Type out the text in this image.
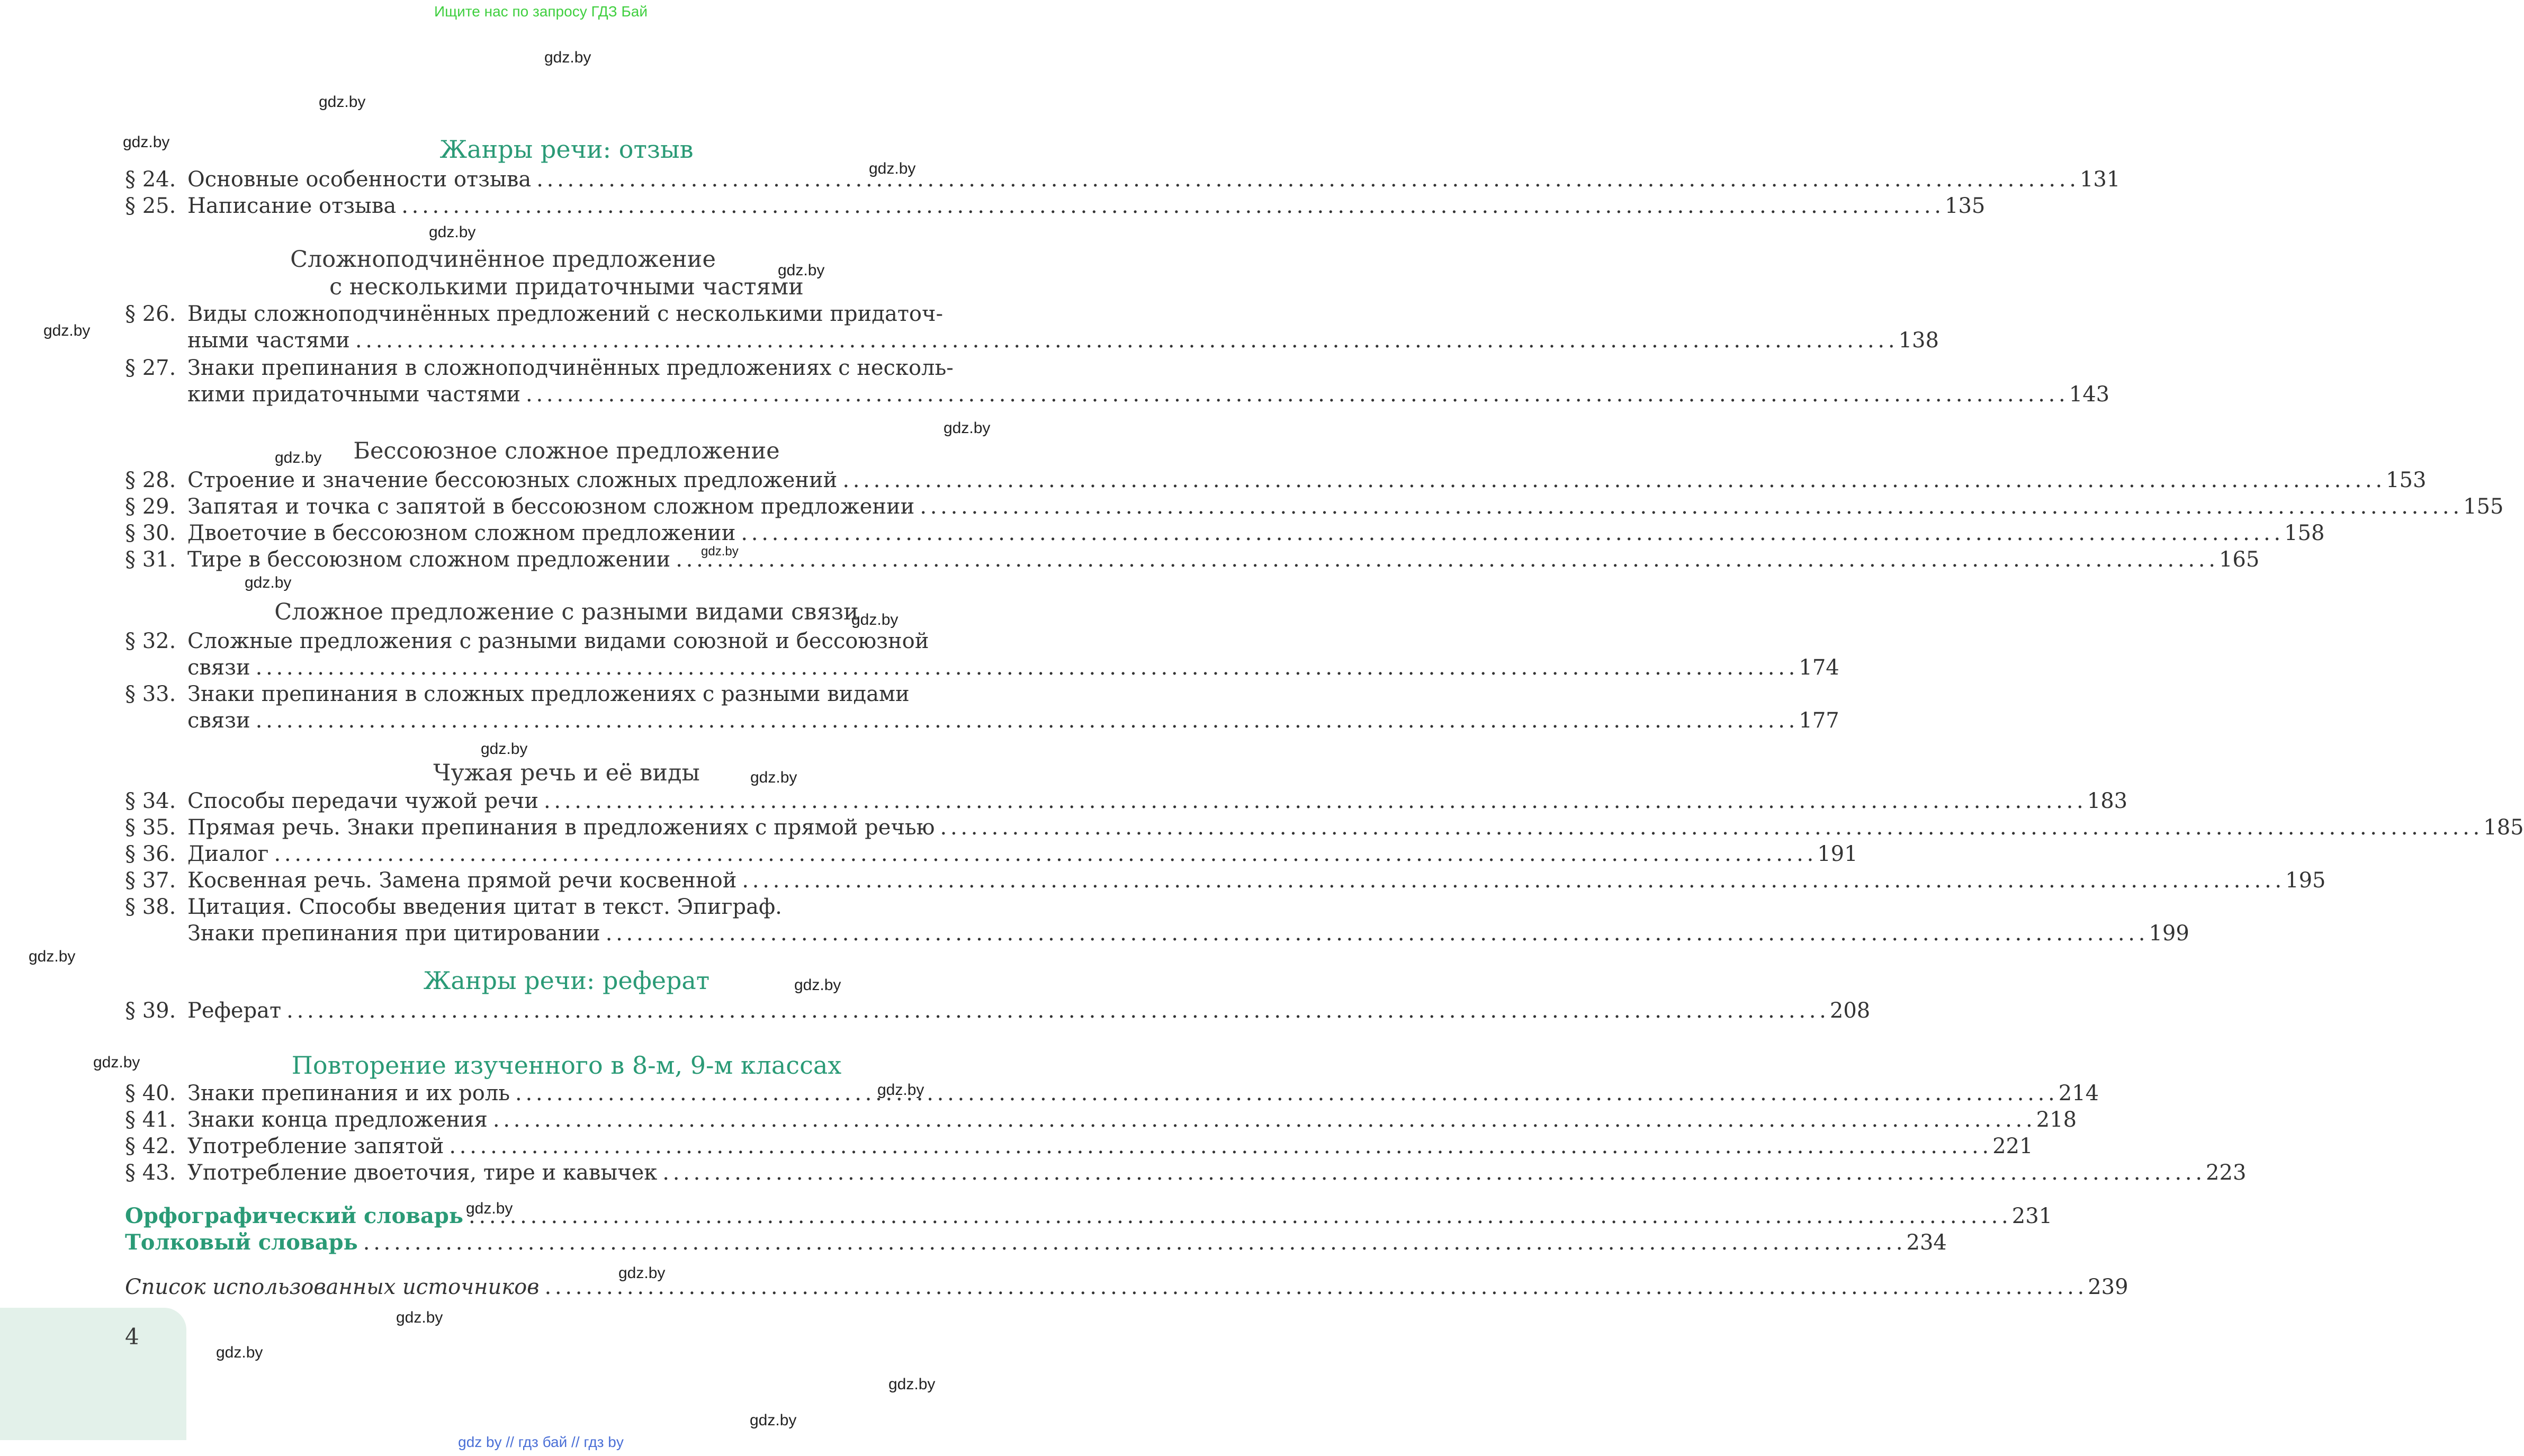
Ищите нас по запросу ГДЗ Бай
gdz.by
gdz.by
gdz.by
gdz.by
gdz.by
gdz.by
gdz.by
gdz.by
gdz.by
gdz.by
gdz.by
gdz.by
gdz.by
gdz.by
gdz.by
gdz.by
gdz.by
gdz.by
gdz.by
gdz.by
gdz.by
gdz.by
gdz.by
gdz.by
Жанры речи: отзыв
§ 24. Основные особенности отзыва . . .	131
§ 25. Написание отзыва . . .	135
Сложноподчинённое предложение
с несколькими придаточными частями
§ 26. Виды сложноподчинённых предложений с несколькими придаточ-
ными частями . . .	138
§ 27. Знаки препинания в сложноподчинённых предложениях с несколь-
кими придаточными частями . . .	143
Бессоюзное сложное предложение
§ 28. Строение и значение бессоюзных сложных предложений . . .	153
§ 29. Запятая и точка с запятой в бессоюзном сложном предложении . . .	155
§ 30. Двоеточие в бессоюзном сложном предложении . . .	158
§ 31. Тире в бессоюзном сложном предложении . . .	165
Сложное предложение с разными видами связи
§ 32. Сложные предложения с разными видами союзной и бессоюзной
связи . . .	174
§ 33. Знаки препинания в сложных предложениях с разными видами
связи . . .	177
Чужая речь и её виды
§ 34. Способы передачи чужой речи . . .	183
§ 35. Прямая речь. Знаки препинания в предложениях с прямой речью . . .	185
§ 36. Диалог . . .	191
§ 37. Косвенная речь. Замена прямой речи косвенной . . .	195
§ 38. Цитация. Способы введения цитат в текст. Эпиграф.
Знаки препинания при цитировании . . .	199
Жанры речи: реферат
§ 39. Реферат . . .	208
Повторение изученного в 8-м, 9-м классах
§ 40. Знаки препинания и их роль . . .	214
§ 41. Знаки конца предложения . . .	218
§ 42. Употребление запятой . . .	221
§ 43. Употребление двоеточия, тире и кавычек . . .	223
Орфографический словарь . . .	231
Толковый словарь . . .	234
Список использованных источников . . .	239
4
gdz by // гдз бай // гдз by
